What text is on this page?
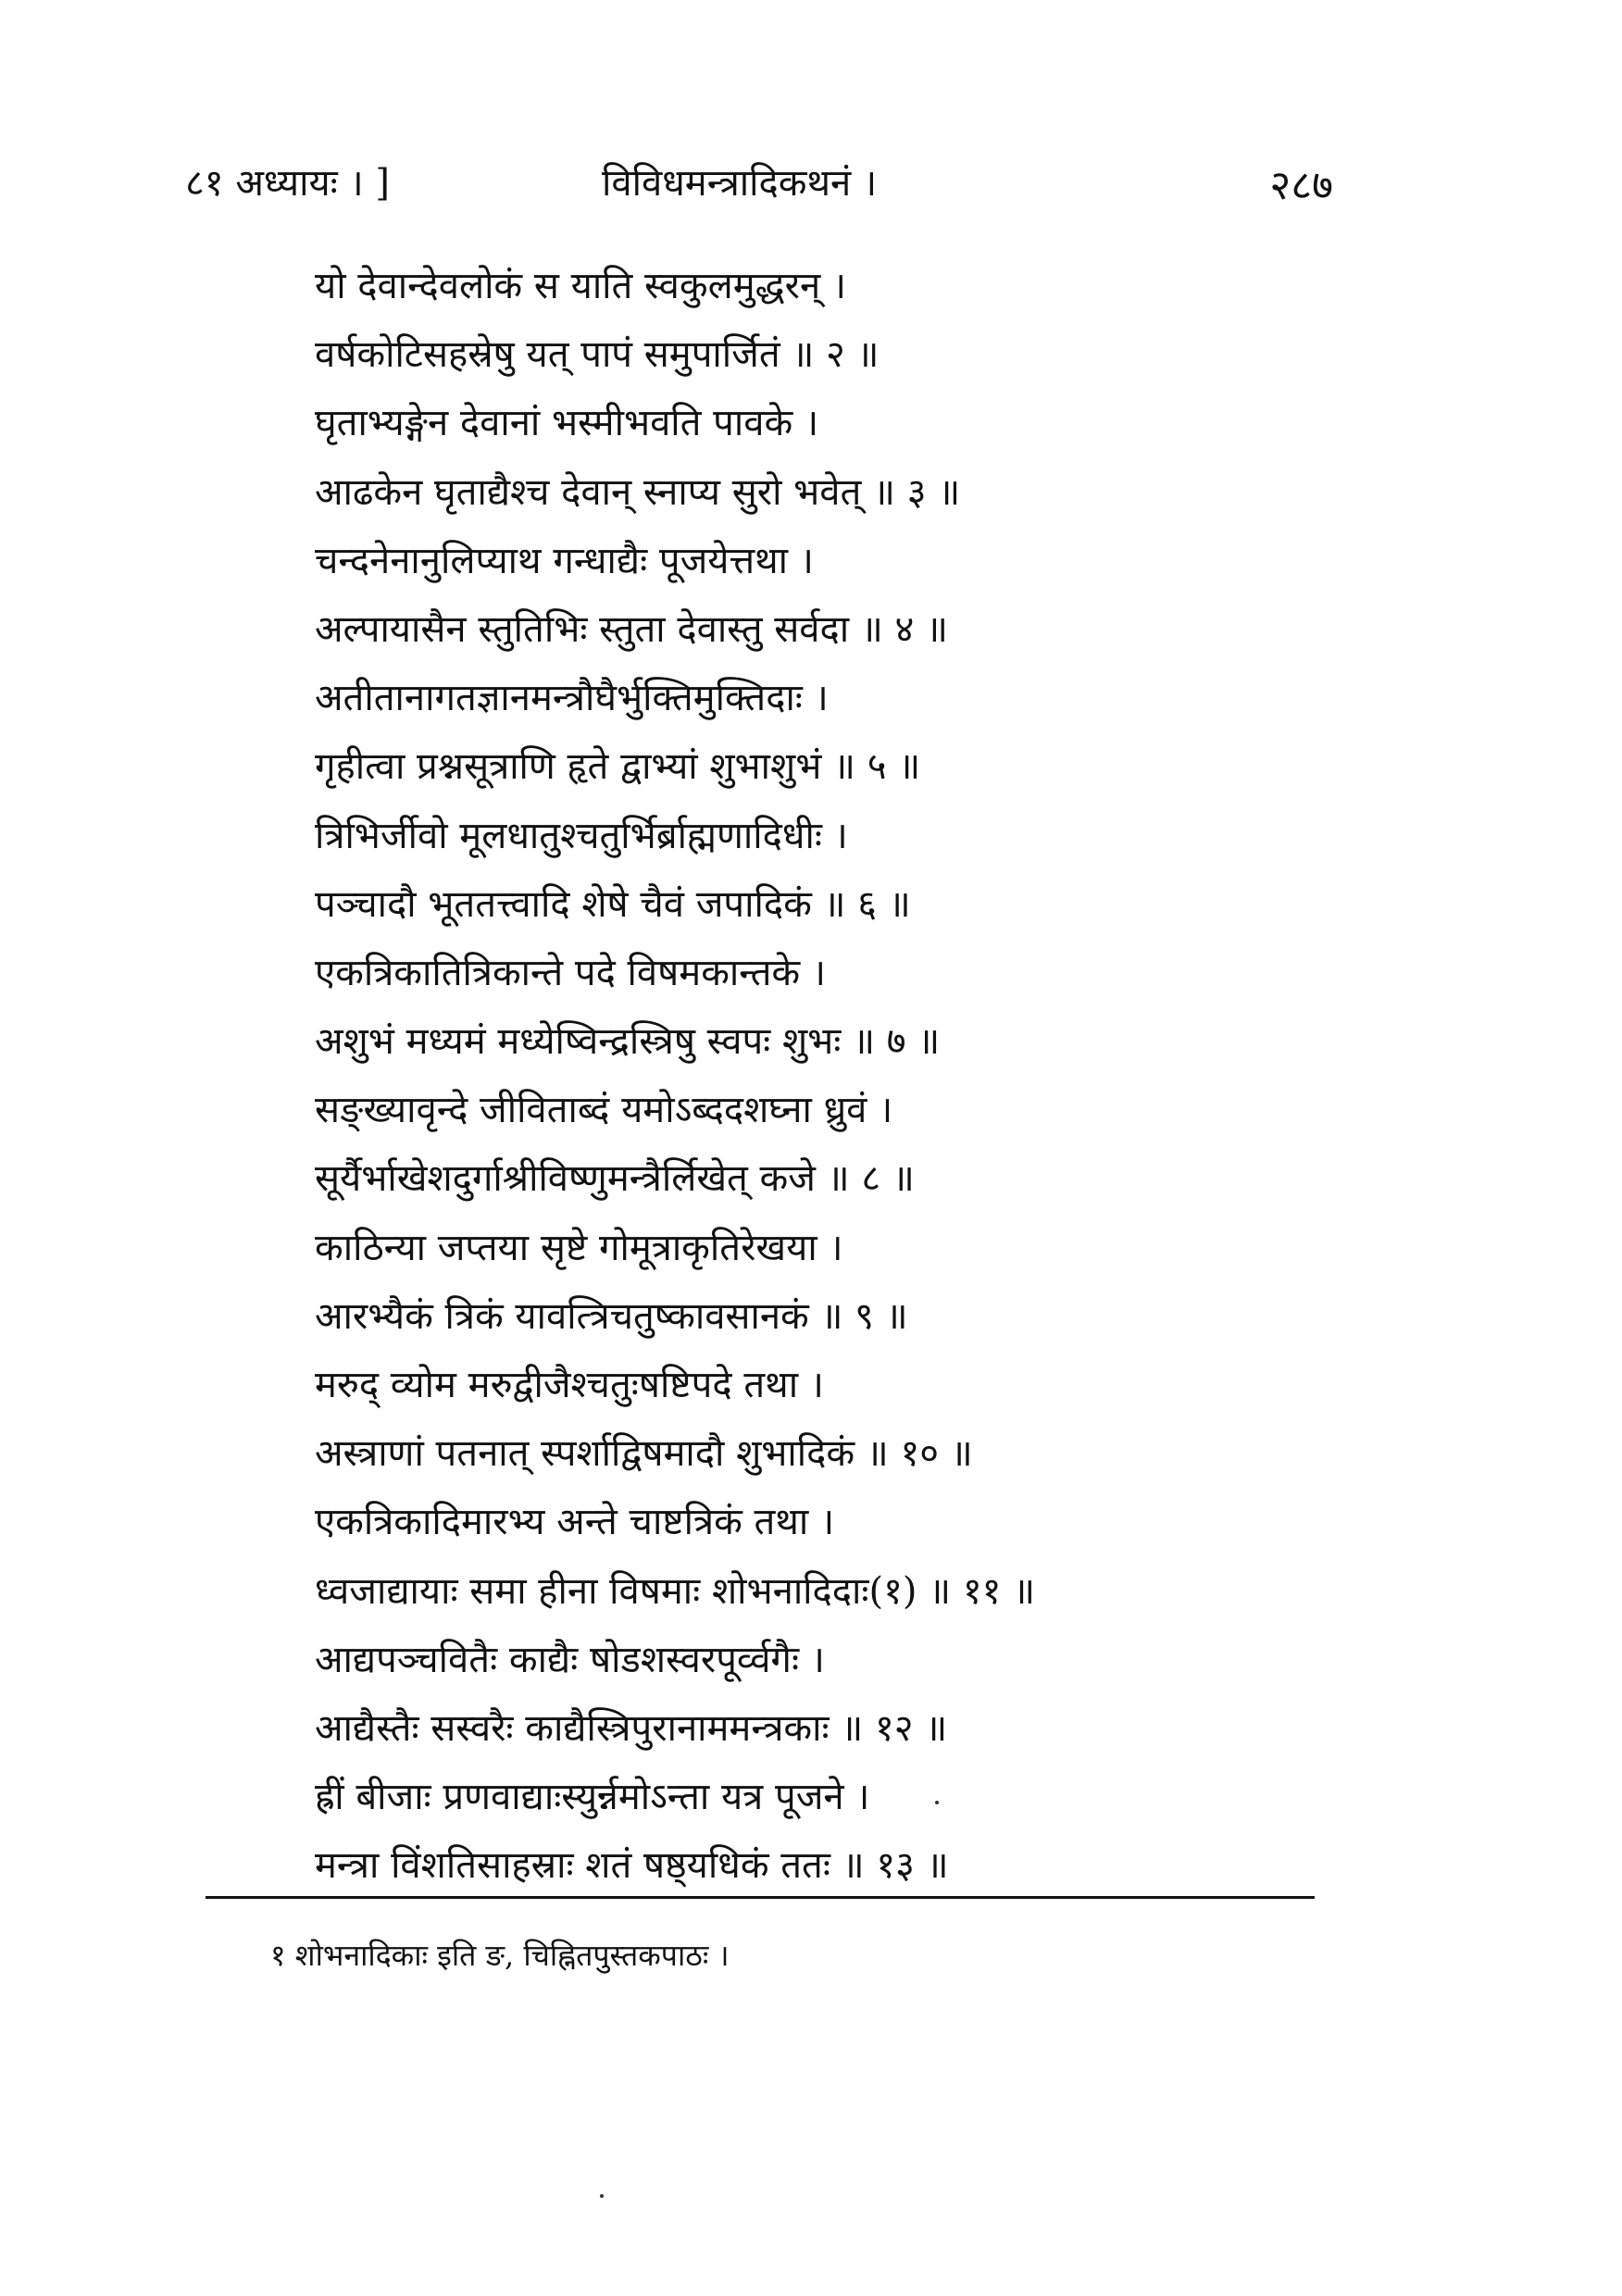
८१ अध्यायः । ]	विविधमन्त्रादिकथनं ।	२८७
यो देवान्देवलोकं स याति स्वकुलमुद्धरन् ।
वर्षकोटिसहस्रेषु यत् पापं समुपार्जितं ॥ २ ॥
घृताभ्यङ्गेन देवानां भस्मीभवति पावके ।
आढकेन घृताद्यैश्च देवान् स्नाप्य सुरो भवेत् ॥ ३ ॥
चन्दनेनानुलिप्याथ गन्धाद्यैः पूजयेत्तथा ।
अल्पायासैन स्तुतिभिः स्तुता देवास्तु सर्वदा ॥ ४ ॥
अतीतानागतज्ञानमन्त्रौघैर्भुक्तिमुक्तिदाः ।
गृहीत्वा प्रश्नसूत्राणि हृते द्वाभ्यां शुभाशुभं ॥ ५ ॥
त्रिभिर्जीवो मूलधातुश्चतुर्भिर्ब्राह्मणादिधीः ।
पञ्चादौ भूततत्त्वादि शेषे चैवं जपादिकं ॥ ६ ॥
एकत्रिकातित्रिकान्ते पदे विषमकान्तके ।
अशुभं मध्यमं मध्येष्विन्द्रस्त्रिषु स्वपः शुभः ॥ ७ ॥
सङ्ख्यावृन्दे जीविताब्दं यमोऽब्ददशघ्ना ध्रुवं ।
सूर्यैर्भाखेशदुर्गाश्रीविष्णुमन्त्रैर्लिखेत् कजे ॥ ८ ॥
काठिन्या जप्तया सृष्टे गोमूत्राकृतिरेखया ।
आरभ्यैकं त्रिकं यावत्त्रिचतुष्कावसानकं ॥ ९ ॥
मरुद् व्योम मरुद्वीजैश्चतुःषष्टिपदे तथा ।
अस्त्राणां पतनात् स्पर्शाद्विषमादौ शुभादिकं ॥ १० ॥
एकत्रिकादिमारभ्य अन्ते चाष्टत्रिकं तथा ।
ध्वजाद्यायाः समा हीना विषमाः शोभनादिदाः(१) ॥ ११ ॥
आद्यपञ्चवितैः काद्यैः षोडशस्वरपूर्व्वगैः ।
आद्यैस्तैः सस्वरैः काद्यैस्त्रिपुरानाममन्त्रकाः ॥ १२ ॥
ह्रीं बीजाः प्रणवाद्याःस्युर्न्नमोऽन्ता यत्र पूजने ।
मन्त्रा विंशतिसाहस्राः शतं षष्ठ्यधिकं ततः ॥ १३ ॥
१ शोभनादिकाः इति ङ, चिह्नितपुस्तकपाठः ।
